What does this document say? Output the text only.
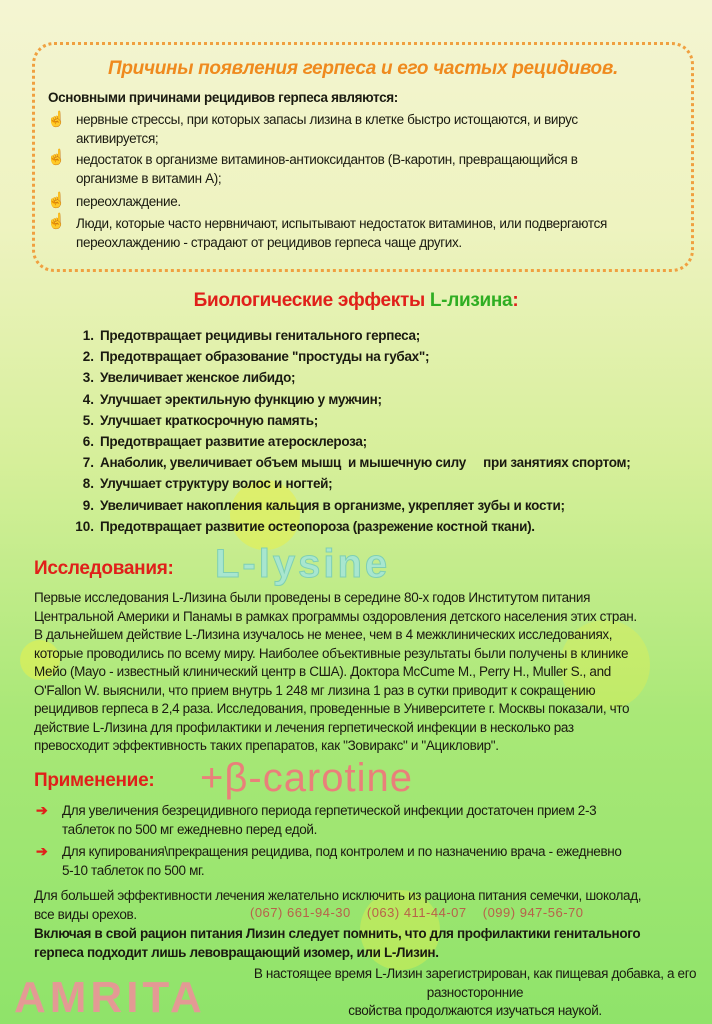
L-lysine
+β-carotine
Причины появления герпеса и его частых рецидивов.
Основными причинами рецидивов герпеса являются:
☝ нервные стрессы, при которых запасы лизина в клетке быстро истощаются, и вирус
активируется;
☝ недостаток в организме витаминов-антиоксидантов (В-каротин, превращающийся в
организме в витамин А);
☝ переохлаждение.
☝ Люди, которые часто нервничают, испытывают недостаток витаминов, или подвергаются
переохлаждению - страдают от рецидивов герпеса чаще других.
Биологические эффекты L-лизина:
1. Предотвращает рецидивы генитального герпеса;
2. Предотвращает образование "простуды на губах";
3. Увеличивает женское либидо;
4. Улучшает эректильную функцию у мужчин;
5. Улучшает краткосрочную память;
6. Предотвращает развитие атеросклероза;
7. Анаболик, увеличивает объем мышц  и мышечную силу     при занятиях спортом;
8. Улучшает структуру волос и ногтей;
9. Увеличивает накопления кальция в организме, укрепляет зубы и кости;
10. Предотвращает развитие остеопороза (разрежение костной ткани).
Исследования:
Первые исследования L-Лизина были проведены в середине 80-х годов Институтом питания
Центральной Америки и Панамы в рамках программы оздоровления детского населения этих стран.
В дальнейшем действие L-Лизина изучалось не менее, чем в 4 межклинических исследованиях,
которые проводились по всему миру. Наиболее объективные результаты были получены в клинике
Мейо (Mayo - известный клинический центр в США). Доктора McCume M., Perry H., Muller S., and
O'Fallon W. выяснили, что прием внутрь 1 248 мг лизина 1 раз в сутки приводит к сокращению
рецидивов герпеса в 2,4 раза. Исследования, проведенные в Университете г. Москвы показали, что
действие L-Лизина для профилактики и лечения герпетической инфекции в несколько раз
превосходит эффективность таких препаратов, как "Зовиракс" и "Ацикловир".
Применение:
➔ Для увеличения безрецидивного периода герпетической инфекции достаточен прием 2-3
таблеток по 500 мг ежедневно перед едой.
➔ Для купирования\прекращения рецидива, под контролем и по назначению врача - ежедневно
5-10 таблеток по 500 мг.
Для большей эффективности лечения желательно исключить из рациона питания семечки, шоколад,
все виды орехов.	(067) 661-94-30 (063) 411-44-07 (099) 947-56-70
Включая в свой рацион питания Лизин следует помнить, что для профилактики генитального
герпеса подходит лишь левовращающий изомер, или L-Лизин.
AMRITA	В настоящее время L-Лизин зарегистрирован, как пищевая добавка, а его разносторонние
свойства продолжаются изучаться наукой.
